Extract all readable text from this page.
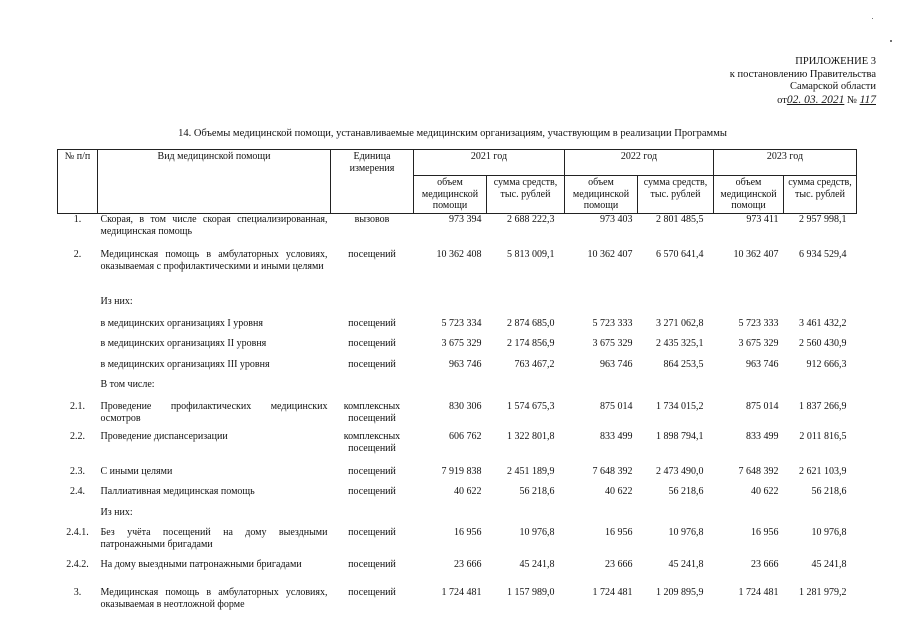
ПРИЛОЖЕНИЕ 3
к постановлению Правительства
Самарской области
от02. 03. 2021 № 117
14. Объемы медицинской помощи, устанавливаемые медицинским организациям, участвующим в реализации Программы
№ п/п	Вид медицинской помощи	Единица измерения	2021 год		2022 год		2023 год	
			объем медицинской помощи	сумма средств, тыс. рублей	объем медицинской помощи	сумма средств, тыс. рублей	объем медицинской помощи	сумма средств, тыс. рублей
1.	Скорая, в том числе скорая специализированная, медицинская помощь	вызовов	973 394	2 688 222,3	973 403	2 801 485,5	973 411	2 957 998,1
2.	Медицинская помощь в амбулаторных условиях, оказываемая с профилактическими и иными целями	посещений	10 362 408	5 813 009,1	10 362 407	6 570 641,4	10 362 407	6 934 529,4
	Из них:							
	в медицинских организациях I уровня	посещений	5 723 334	2 874 685,0	5 723 333	3 271 062,8	5 723 333	3 461 432,2
	в медицинских организациях II уровня	посещений	3 675 329	2 174 856,9	3 675 329	2 435 325,1	3 675 329	2 560 430,9
	в медицинских организациях III уровня	посещений	963 746	763 467,2	963 746	864 253,5	963 746	912 666,3
	В том числе:							
2.1.	Проведение профилактических медицинских осмотров	комплексных посещений	830 306	1 574 675,3	875 014	1 734 015,2	875 014	1 837 266,9
2.2.	Проведение диспансеризации	комплексных посещений	606 762	1 322 801,8	833 499	1 898 794,1	833 499	2 011 816,5
2.3.	С иными целями	посещений	7 919 838	2 451 189,9	7 648 392	2 473 490,0	7 648 392	2 621 103,9
2.4.	Паллиативная медицинская помощь	посещений	40 622	56 218,6	40 622	56 218,6	40 622	56 218,6
	Из них:							
2.4.1.	Без учёта посещений на дому выездными патронажными бригадами	посещений	16 956	10 976,8	16 956	10 976,8	16 956	10 976,8
2.4.2.	На дому выездными патронажными бригадами	посещений	23 666	45 241,8	23 666	45 241,8	23 666	45 241,8
3.	Медицинская помощь в амбулаторных условиях, оказываемая в неотложной форме	посещений	1 724 481	1 157 989,0	1 724 481	1 209 895,9	1 724 481	1 281 979,2
